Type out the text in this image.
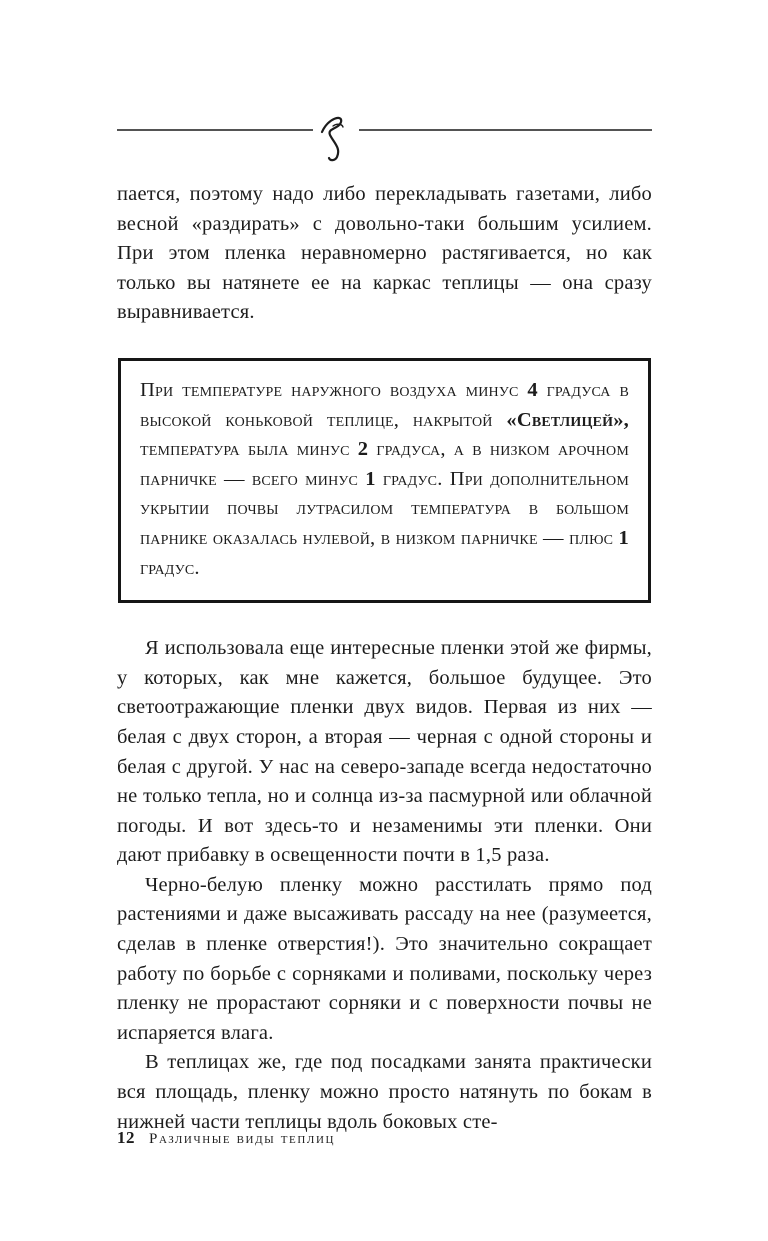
пается, поэтому надо либо перекладывать газетами, либо весной «раздирать» с довольно-таки большим усилием. При этом пленка неравномерно растягивается, но как только вы натянете ее на каркас теплицы — она сразу выравнивается.

При температуре наружного воздуха минус 4 градуса в высокой коньковой теплице, накрытой «Светлицей», температура была минус 2 градуса, а в низком арочном парничке — всего минус 1 градус. При дополнительном укрытии почвы лутрасилом температура в большом парнике оказалась нулевой, в низком парничке — плюс 1 градус.

Я использовала еще интересные пленки этой же фирмы, у которых, как мне кажется, большое будущее. Это светоотражающие пленки двух видов. Первая из них — белая с двух сторон, а вторая — черная с одной стороны и белая с другой. У нас на северо-западе всегда недостаточно не только тепла, но и солнца из-за пасмурной или облачной погоды. И вот здесь-то и незаменимы эти пленки. Они дают прибавку в освещенности почти в 1,5 раза.

Черно-белую пленку можно расстилать прямо под растениями и даже высаживать рассаду на нее (разумеется, сделав в пленке отверстия!). Это значительно сокращает работу по борьбе с сорняками и поливами, поскольку через пленку не прорастают сорняки и с поверхности почвы не испаряется влага.

В теплицах же, где под посадками занята практически вся площадь, пленку можно просто натянуть по бокам в нижней части теплицы вдоль боковых сте-

12 Различные виды теплиц
